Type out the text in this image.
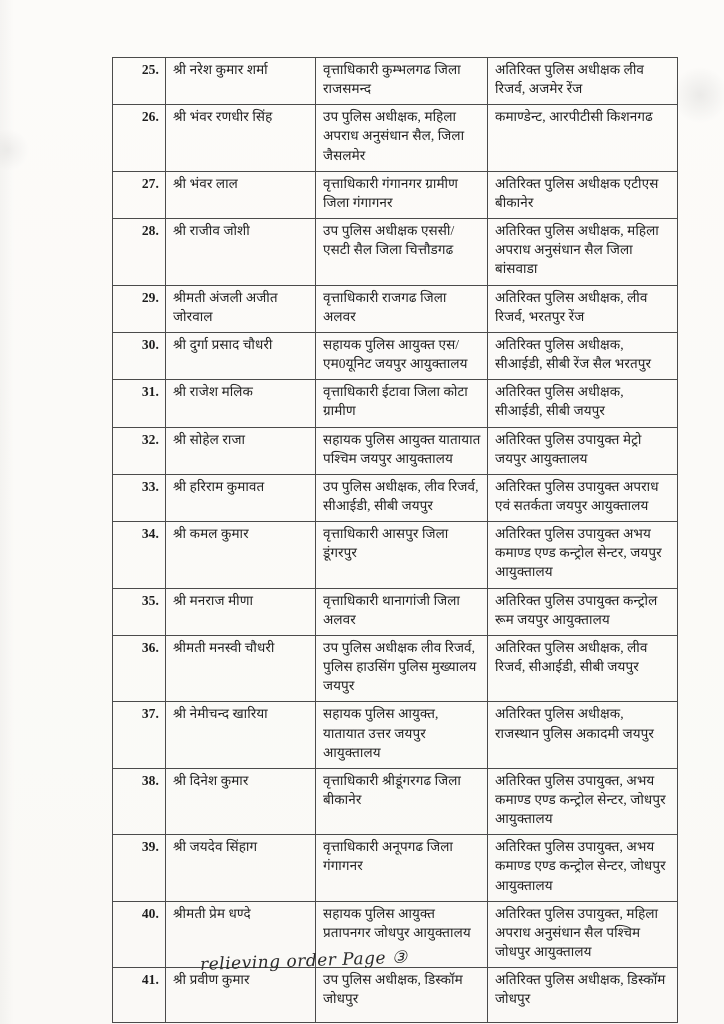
25.	श्री नरेश कुमार शर्मा	वृत्ताधिकारी कुम्भलगढ जिला राजसमन्द	अतिरिक्त पुलिस अधीक्षक लीव रिजर्व, अजमेर रेंज
26.	श्री भंवर रणधीर सिंह	उप पुलिस अधीक्षक, महिला अपराध अनुसंधान सैल, जिला जैसलमेर	कमाण्डेन्ट, आरपीटीसी किशनगढ
27.	श्री भंवर लाल	वृत्ताधिकारी गंगानगर ग्रामीण जिला गंगागनर	अतिरिक्त पुलिस अधीक्षक एटीएस बीकानेर
28.	श्री राजीव जोशी	उप पुलिस अधीक्षक एससी/एसटी सैल जिला चित्तौडगढ	अतिरिक्त पुलिस अधीक्षक, महिला अपराध अनुसंधान सैल जिला बांसवाडा
29.	श्रीमती अंजली अजीत जोरवाल	वृत्ताधिकारी राजगढ जिला अलवर	अतिरिक्त पुलिस अधीक्षक, लीव रिजर्व, भरतपुर रेंज
30.	श्री दुर्गा प्रसाद चौधरी	सहायक पुलिस आयुक्त एस/एम0यूनिट जयपुर आयुक्तालय	अतिरिक्त पुलिस अधीक्षक, सीआईडी, सीबी रेंज सैल भरतपुर
31.	श्री राजेश मलिक	वृत्ताधिकारी ईटावा जिला कोटा ग्रामीण	अतिरिक्त पुलिस अधीक्षक, सीआईडी, सीबी जयपुर
32.	श्री सोहेल राजा	सहायक पुलिस आयुक्त यातायात पश्चिम जयपुर आयुक्तालय	अतिरिक्त पुलिस उपायुक्त मेट्रो जयपुर आयुक्तालय
33.	श्री हरिराम कुमावत	उप पुलिस अधीक्षक, लीव रिजर्व, सीआईडी, सीबी जयपुर	अतिरिक्त पुलिस उपायुक्त अपराध एवं सतर्कता जयपुर आयुक्तालय
34.	श्री कमल कुमार	वृत्ताधिकारी आसपुर जिला डूंगरपुर	अतिरिक्त पुलिस उपायुक्त अभय कमाण्ड एण्ड कन्ट्रोल सेन्टर, जयपुर आयुक्तालय
35.	श्री मनराज मीणा	वृत्ताधिकारी थानागांजी जिला अलवर	अतिरिक्त पुलिस उपायुक्त कन्ट्रोल रूम जयपुर आयुक्तालय
36.	श्रीमती मनस्वी चौधरी	उप पुलिस अधीक्षक लीव रिजर्व, पुलिस हाउसिंग पुलिस मुख्यालय जयपुर	अतिरिक्त पुलिस अधीक्षक, लीव रिजर्व, सीआईडी, सीबी जयपुर
37.	श्री नेमीचन्द खारिया	सहायक पुलिस आयुक्त, यातायात उत्तर जयपुर आयुक्तालय	अतिरिक्त पुलिस अधीक्षक, राजस्थान पुलिस अकादमी जयपुर
38.	श्री दिनेश कुमार	वृत्ताधिकारी श्रीडूंगरगढ जिला बीकानेर	अतिरिक्त पुलिस उपायुक्त, अभय कमाण्ड एण्ड कन्ट्रोल सेन्टर, जोधपुर आयुक्तालय
39.	श्री जयदेव सिंहाग	वृत्ताधिकारी अनूपगढ जिला गंगागनर	अतिरिक्त पुलिस उपायुक्त, अभय कमाण्ड एण्ड कन्ट्रोल सेन्टर, जोधपुर आयुक्तालय
40.	श्रीमती प्रेम धण्दे	सहायक पुलिस आयुक्त प्रतापनगर जोधपुर आयुक्तालय	अतिरिक्त पुलिस उपायुक्त, महिला अपराध अनुसंधान सैल पश्चिम जोधपुर आयुक्तालय
41.	श्री प्रवीण कुमार	उप पुलिस अधीक्षक, डिस्कॉम जोधपुर	अतिरिक्त पुलिस अधीक्षक, डिस्कॉम जोधपुर
relieving order Page ③
